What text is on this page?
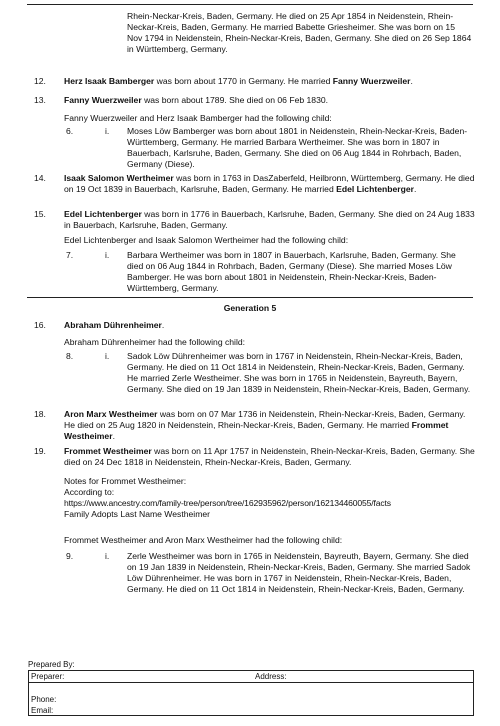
Rhein-Neckar-Kreis, Baden, Germany. He died on 25 Apr 1854 in Neidenstein, Rhein-Neckar-Kreis, Baden, Germany. He married Babette Griesheimer. She was born on 15 Nov 1794 in Neidenstein, Rhein-Neckar-Kreis, Baden, Germany. She died on 26 Sep 1864 in Württemberg, Germany.
12.	Herz Isaak Bamberger was born about 1770 in Germany. He married Fanny Wuerzweiler.
13.	Fanny Wuerzweiler was born about 1789. She died on 06 Feb 1830.
Fanny Wuerzweiler and Herz Isaak Bamberger had the following child:
6.	i. Moses Löw Bamberger was born about 1801 in Neidenstein, Rhein-Neckar-Kreis, Baden-Württemberg, Germany. He married Barbara Wertheimer. She was born in 1807 in Bauerbach, Karlsruhe, Baden, Germany. She died on 06 Aug 1844 in Rohrbach, Baden, Germany (Diese).
14.	Isaak Salomon Wertheimer was born in 1763 in DasZaberfeld, Heilbronn, Württemberg, Germany. He died on 19 Oct 1839 in Bauerbach, Karlsruhe, Baden, Germany. He married Edel Lichtenberger.
15.	Edel Lichtenberger was born in 1776 in Bauerbach, Karlsruhe, Baden, Germany. She died on 24 Aug 1833 in Bauerbach, Karlsruhe, Baden, Germany.
Edel Lichtenberger and Isaak Salomon Wertheimer had the following child:
7.	i. Barbara Wertheimer was born in 1807 in Bauerbach, Karlsruhe, Baden, Germany. She died on 06 Aug 1844 in Rohrbach, Baden, Germany (Diese). She married Moses Löw Bamberger. He was born about 1801 in Neidenstein, Rhein-Neckar-Kreis, Baden-Württemberg, Germany.
Generation 5
16.	Abraham Dührenheimer.
Abraham Dührenheimer had the following child:
8.	i. Sadok Löw Dührenheimer was born in 1767 in Neidenstein, Rhein-Neckar-Kreis, Baden, Germany. He died on 11 Oct 1814 in Neidenstein, Rhein-Neckar-Kreis, Baden, Germany. He married Zerle Westheimer. She was born in 1765 in Neidenstein, Bayreuth, Bayern, Germany. She died on 19 Jan 1839 in Neidenstein, Rhein-Neckar-Kreis, Baden, Germany.
18.	Aron Marx Westheimer was born on 07 Mar 1736 in Neidenstein, Rhein-Neckar-Kreis, Baden, Germany. He died on 25 Aug 1820 in Neidenstein, Rhein-Neckar-Kreis, Baden, Germany. He married Frommet Westheimer.
19.	Frommet Westheimer was born on 11 Apr 1757 in Neidenstein, Rhein-Neckar-Kreis, Baden, Germany. She died on 24 Dec 1818 in Neidenstein, Rhein-Neckar-Kreis, Baden, Germany.
Notes for Frommet Westheimer:
According to:
https://www.ancestry.com/family-tree/person/tree/162935962/person/162134460055/facts
Family Adopts Last Name Westheimer
Frommet Westheimer and Aron Marx Westheimer had the following child:
9.	i. Zerle Westheimer was born in 1765 in Neidenstein, Bayreuth, Bayern, Germany. She died on 19 Jan 1839 in Neidenstein, Rhein-Neckar-Kreis, Baden, Germany. She married Sadok Löw Dührenheimer. He was born in 1767 in Neidenstein, Rhein-Neckar-Kreis, Baden, Germany. He died on 11 Oct 1814 in Neidenstein, Rhein-Neckar-Kreis, Baden, Germany.
Prepared By:
Preparer:	Address:
Phone:
Email:
